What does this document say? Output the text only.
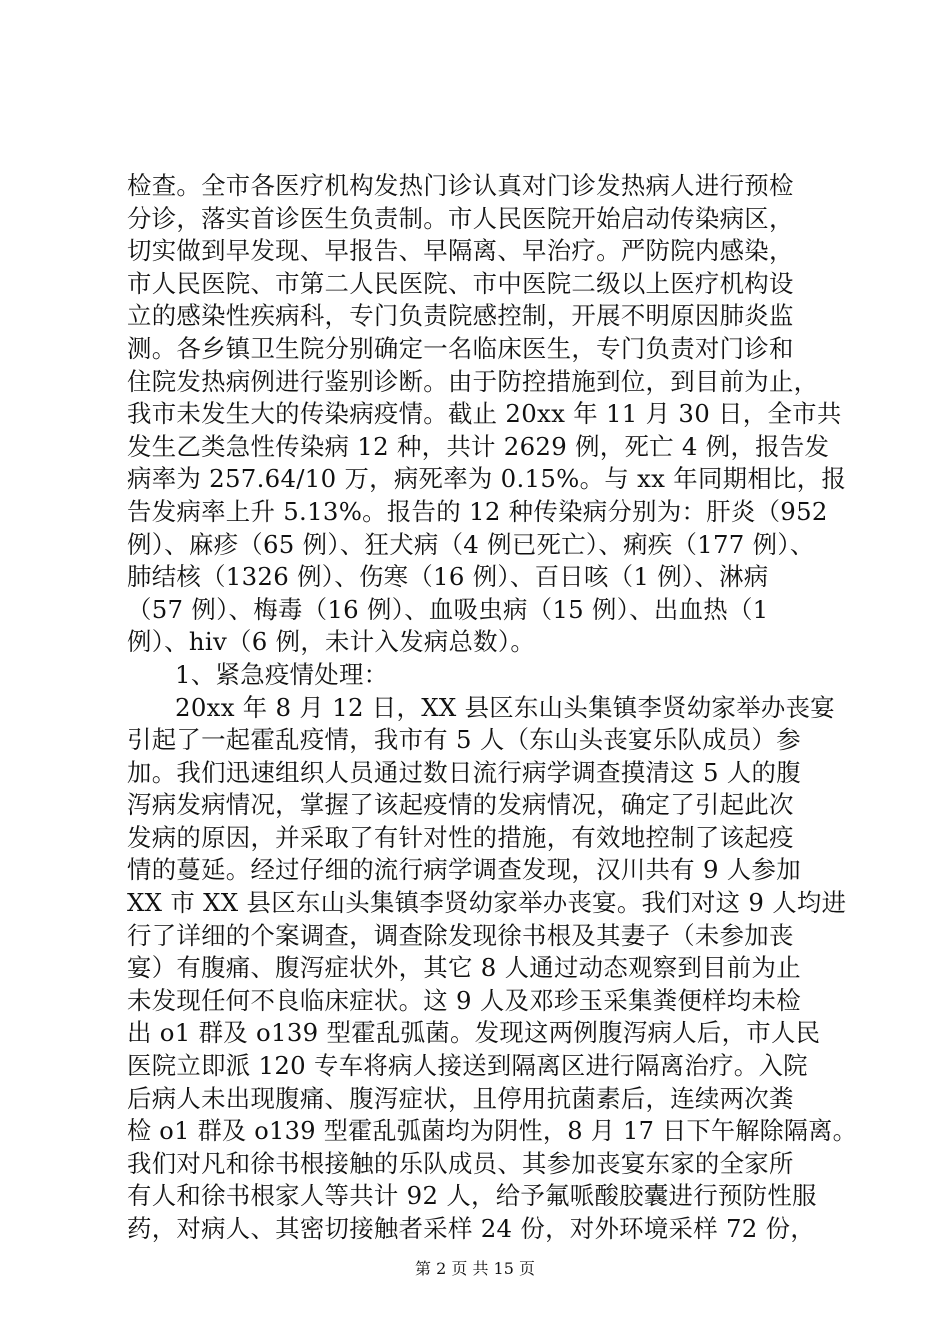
检查。全市各医疗机构发热门诊认真对门诊发热病人进行预检
分诊，落实首诊医生负责制。市人民医院开始启动传染病区，
切实做到早发现、早报告、早隔离、早治疗。严防院内感染，
市人民医院、市第二人民医院、市中医院二级以上医疗机构设
立的感染性疾病科，专门负责院感控制，开展不明原因肺炎监
测。各乡镇卫生院分别确定一名临床医生，专门负责对门诊和
住院发热病例进行鉴别诊断。由于防控措施到位，到目前为止，
我市未发生大的传染病疫情。截止 20xx 年 11 月 30 日，全市共
发生乙类急性传染病 12 种，共计 2629 例，死亡 4 例，报告发
病率为 257.64/10 万，病死率为 0.15%。与 xx 年同期相比，报
告发病率上升 5.13%。报告的 12 种传染病分别为：肝炎（952
例）、麻疹（65 例）、狂犬病（4 例已死亡）、痢疾（177 例）、
肺结核（1326 例）、伤寒（16 例）、百日咳（1 例）、淋病
（57 例）、梅毒（16 例）、血吸虫病（15 例）、出血热（1
例）、hiv（6 例，未计入发病总数）。
1、紧急疫情处理：
20xx 年 8 月 12 日，XX 县区东山头集镇李贤幼家举办丧宴
引起了一起霍乱疫情，我市有 5 人（东山头丧宴乐队成员）参
加。我们迅速组织人员通过数日流行病学调查摸清这 5 人的腹
泻病发病情况，掌握了该起疫情的发病情况，确定了引起此次
发病的原因，并采取了有针对性的措施，有效地控制了该起疫
情的蔓延。经过仔细的流行病学调查发现，汉川共有 9 人参加
XX 市 XX 县区东山头集镇李贤幼家举办丧宴。我们对这 9 人均进
行了详细的个案调查，调查除发现徐书根及其妻子（未参加丧
宴）有腹痛、腹泻症状外，其它 8 人通过动态观察到目前为止
未发现任何不良临床症状。这 9 人及邓珍玉采集粪便样均未检
出 o1 群及 o139 型霍乱弧菌。发现这两例腹泻病人后，市人民
医院立即派 120 专车将病人接送到隔离区进行隔离治疗。入院
后病人未出现腹痛、腹泻症状，且停用抗菌素后，连续两次粪
检 o1 群及 o139 型霍乱弧菌均为阴性，8 月 17 日下午解除隔离。
我们对凡和徐书根接触的乐队成员、其参加丧宴东家的全家所
有人和徐书根家人等共计 92 人，给予氟哌酸胶囊进行预防性服
药，对病人、其密切接触者采样 24 份，对外环境采样 72 份，
第 2 页 共 15 页
